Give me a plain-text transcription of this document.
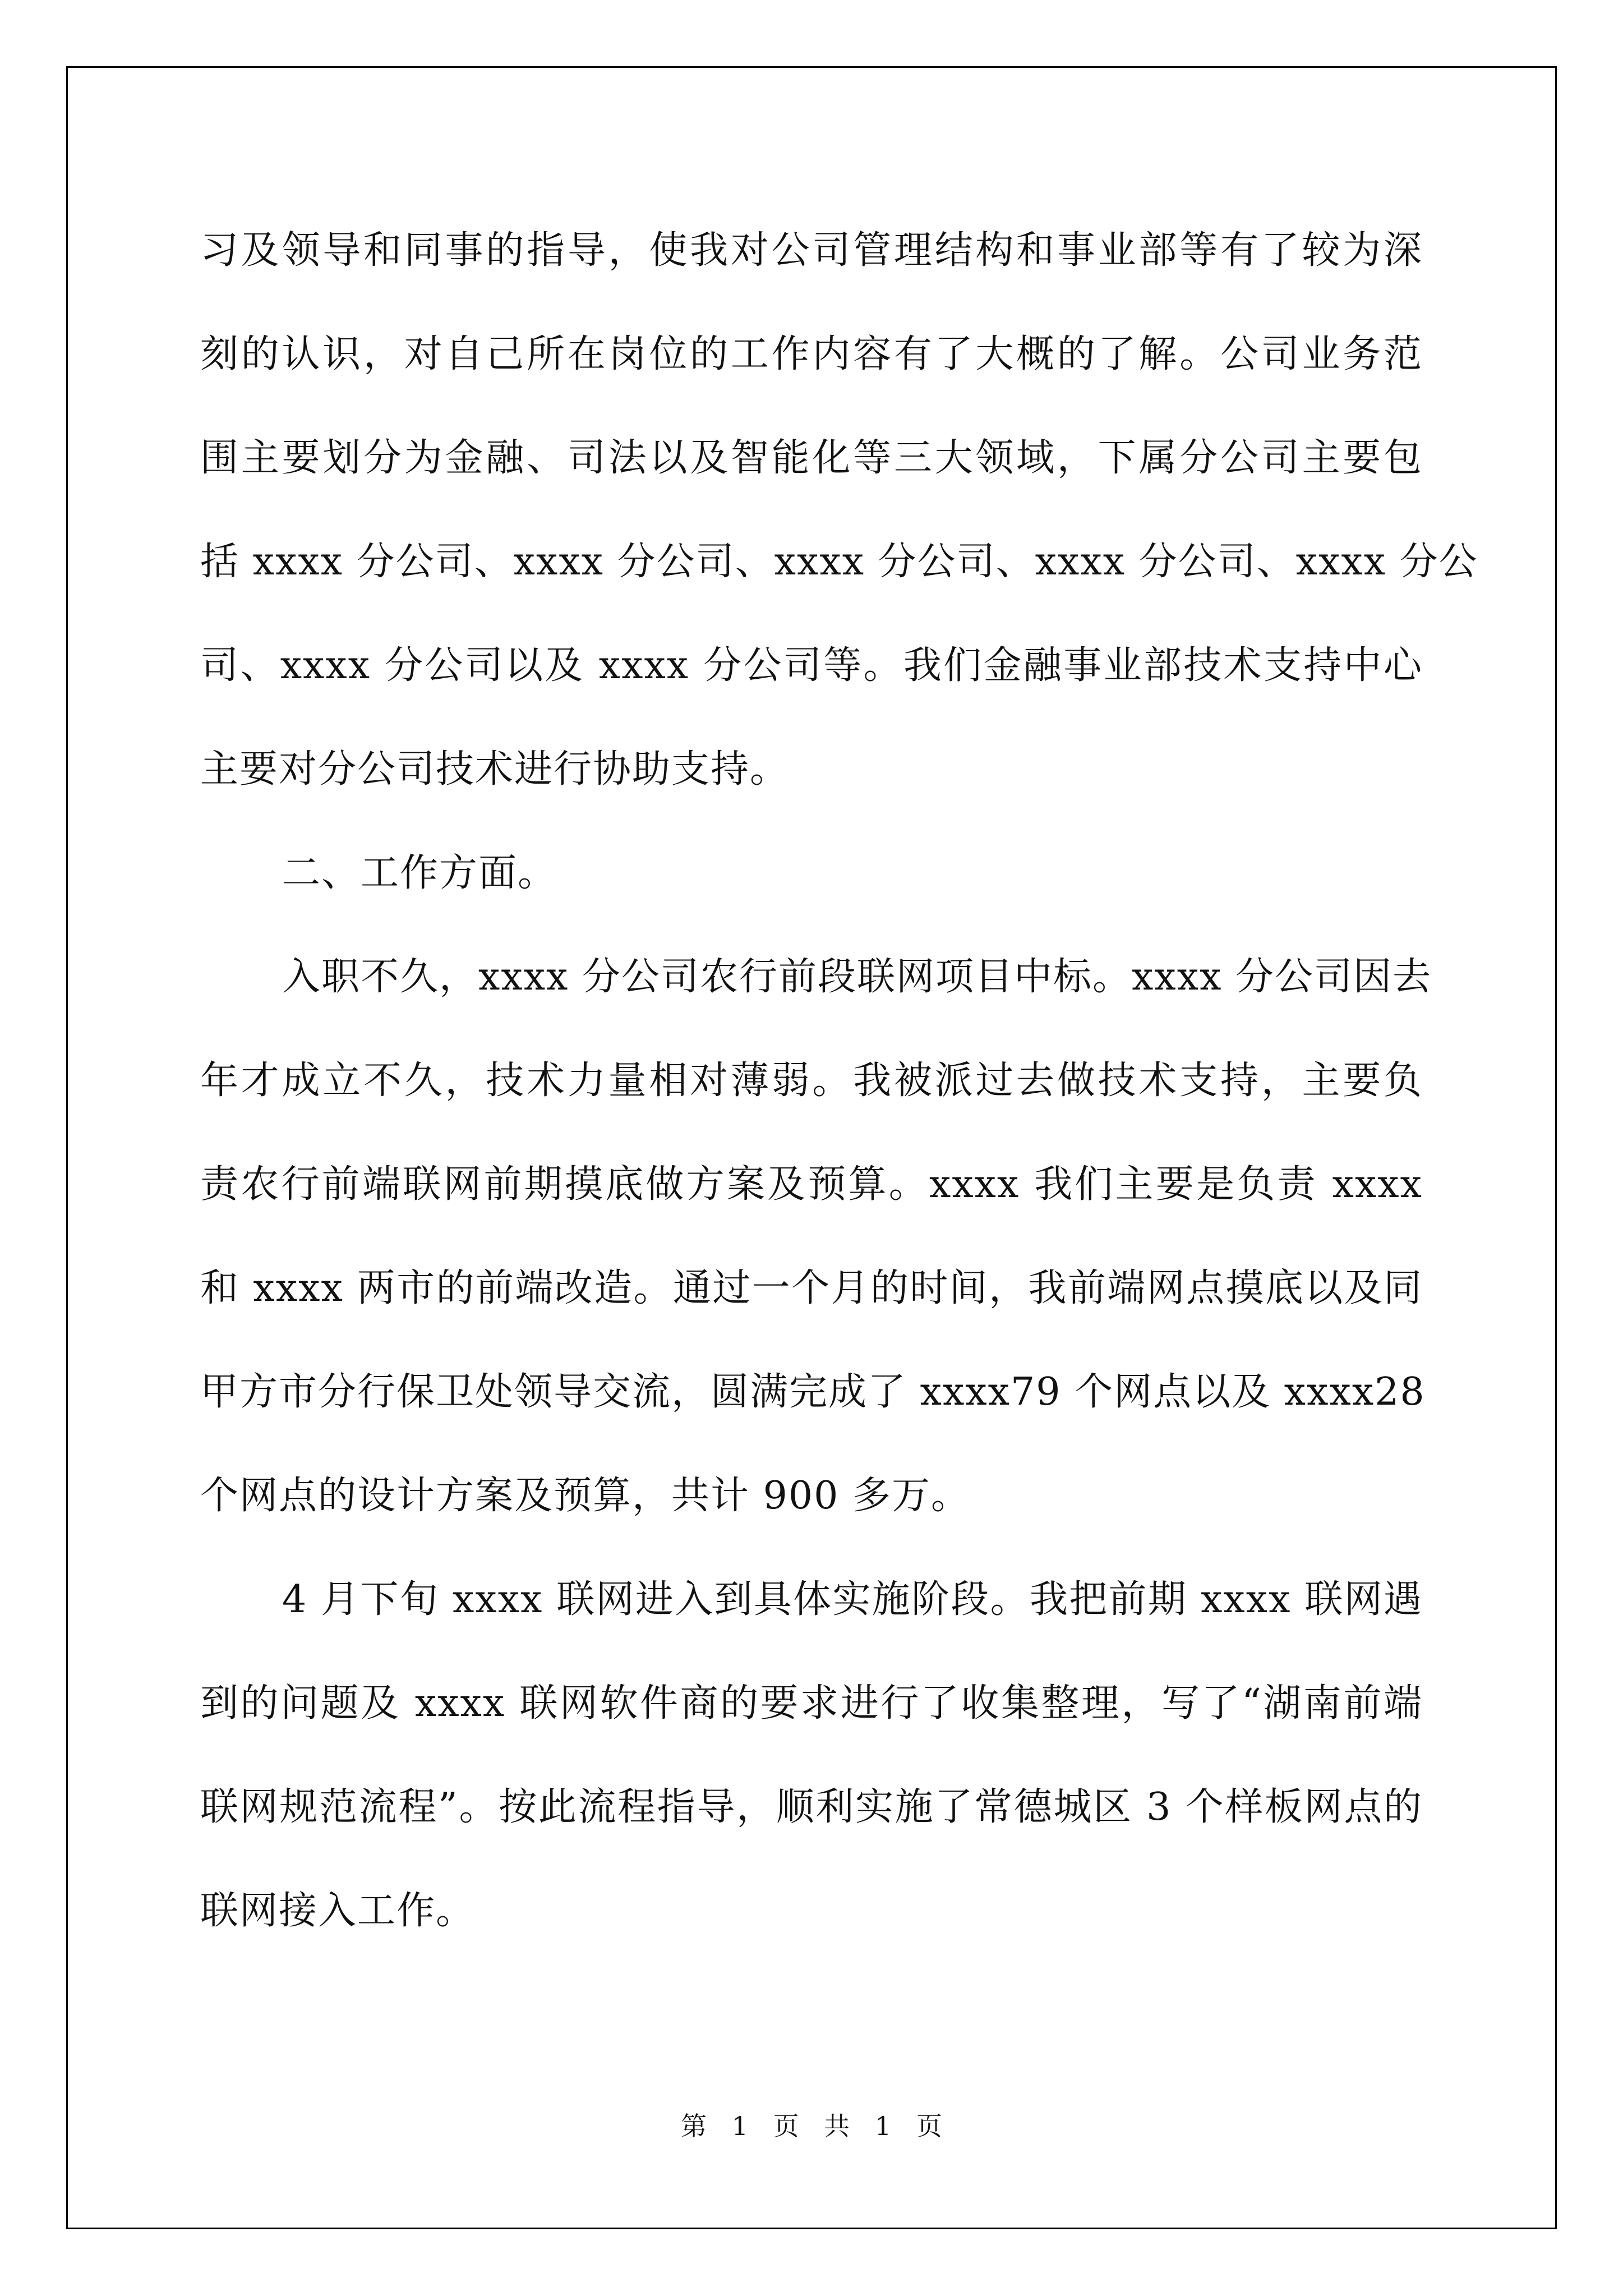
习及领导和同事的指导，使我对公司管理结构和事业部等有了较为深
刻的认识，对自己所在岗位的工作内容有了大概的了解。公司业务范
围主要划分为金融、司法以及智能化等三大领域，下属分公司主要包
括 xxxx 分公司、xxxx 分公司、xxxx 分公司、xxxx 分公司、xxxx 分公
司、xxxx 分公司以及 xxxx 分公司等。我们金融事业部技术支持中心
主要对分公司技术进行协助支持。
二、工作方面。
入职不久，xxxx 分公司农行前段联网项目中标。xxxx 分公司因去
年才成立不久，技术力量相对薄弱。我被派过去做技术支持，主要负
责农行前端联网前期摸底做方案及预算。xxxx 我们主要是负责 xxxx
和 xxxx 两市的前端改造。通过一个月的时间，我前端网点摸底以及同
甲方市分行保卫处领导交流，圆满完成了 xxxx79 个网点以及 xxxx28
个网点的设计方案及预算，共计 900 多万。
4 月下旬 xxxx 联网进入到具体实施阶段。我把前期 xxxx 联网遇
到的问题及 xxxx 联网软件商的要求进行了收集整理，写了“湖南前端
联网规范流程”。按此流程指导，顺利实施了常德城区 3 个样板网点的
联网接入工作。
第 1 页 共 1 页
